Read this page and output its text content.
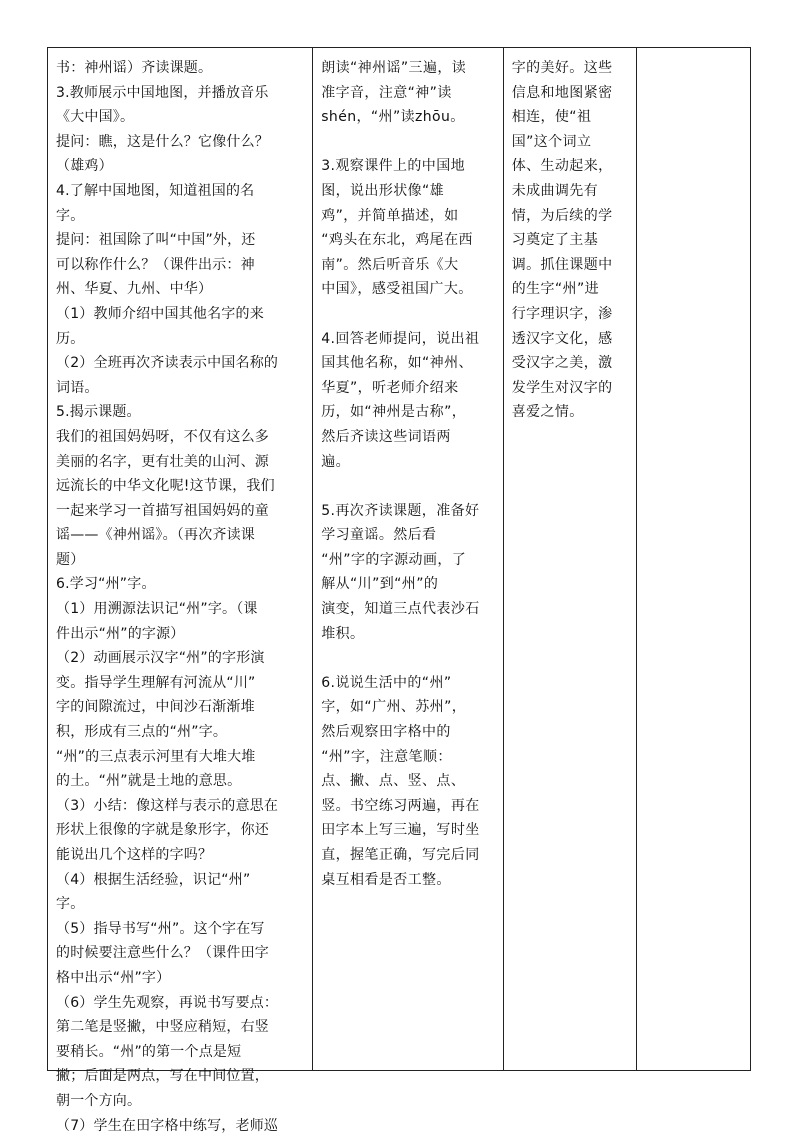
书：神州谣）齐读课题。

3.教师展示中国地图，并播放音乐

《大中国》。

提问：瞧，这是什么？它像什么？

（雄鸡）

4.了解中国地图，知道祖国的名

字。

提问：祖国除了叫“中国”外，还

可以称作什么？（课件出示：神

州、华夏、九州、中华）

（1）教师介绍中国其他名字的来

历。

（2）全班再次齐读表示中国名称的

词语。

5.揭示课题。

我们的祖国妈妈呀，不仅有这么多

美丽的名字，更有壮美的山河、源

远流长的中华文化呢!这节课，我们

一起来学习一首描写祖国妈妈的童

谣——《神州谣》。（再次齐读课

题）

6.学习“州”字。

（1）用溯源法识记“州”字。（课

件出示“州”的字源）

（2）动画展示汉字“州”的字形演

变。指导学生理解有河流从“川”

字的间隙流过，中间沙石渐渐堆

积，形成有三点的“州”字。

“州”的三点表示河里有大堆大堆

的土。“州”就是土地的意思。

（3）小结：像这样与表示的意思在

形状上很像的字就是象形字，你还

能说出几个这样的字吗？

（4）根据生活经验，识记“州”

字。

（5）指导书写“州”。这个字在写

的时候要注意些什么？（课件田字

格中出示“州”字）

（6）学生先观察，再说书写要点：

第二笔是竖撇，中竖应稍短，右竖

要稍长。“州”的第一个点是短

撇；后面是两点，写在中间位置，

朝一个方向。

（7）学生在田字格中练写，老师巡

朗读“神州谣”三遍，读

准字音，注意“神”读

shén，“州”读zhōu。

3.观察课件上的中国地

图，说出形状像“雄

鸡”，并简单描述，如

“鸡头在东北，鸡尾在西

南”。然后听音乐《大

中国》，感受祖国广大。

4.回答老师提问，说出祖

国其他名称，如“神州、

华夏”，听老师介绍来

历，如“神州是古称”，

然后齐读这些词语两

遍。

5.再次齐读课题，准备好

学习童谣。然后看

“州”字的字源动画，了

解从“川”到“州”的

演变，知道三点代表沙石

堆积。

6.说说生活中的“州”

字，如“广州、苏州”，

然后观察田字格中的

“州”字，注意笔顺：

点、撇、点、竖、点、

竖。书空练习两遍，再在

田字本上写三遍，写时坐

直，握笔正确，写完后同

桌互相看是否工整。

字的美好。这些

信息和地图紧密

相连，使“祖

国”这个词立

体、生动起来，

未成曲调先有

情，为后续的学

习奠定了主基

调。抓住课题中

的生字“州”进

行字理识字，渗

透汉字文化，感

受汉字之美，激

发学生对汉字的

喜爱之情。
